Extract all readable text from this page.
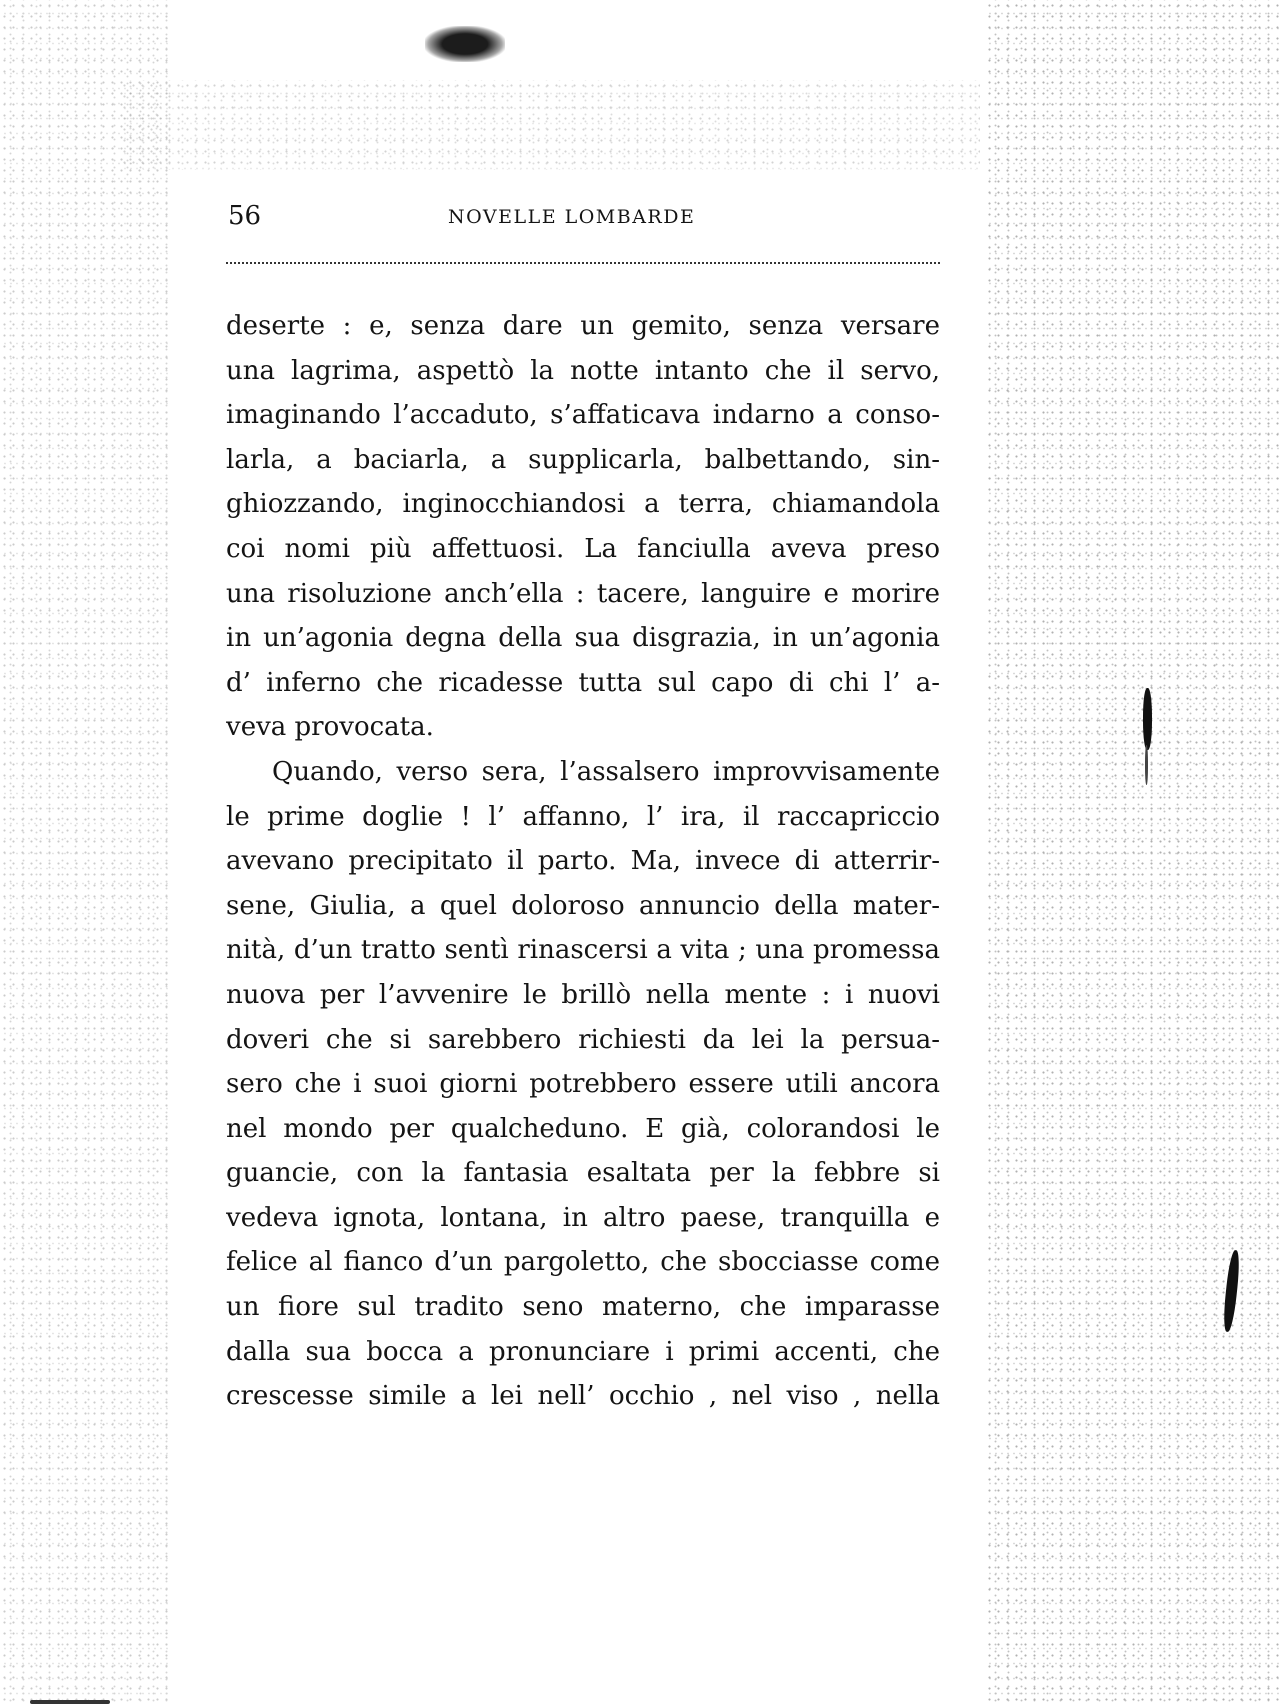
56	NOVELLE LOMBARDE
deserte : e, senza dare un gemito, senza versare
una lagrima, aspettò la notte intanto che il servo,
imaginando l’accaduto, s’affaticava indarno a conso-
larla, a baciarla, a supplicarla, balbettando, sin-
ghiozzando, inginocchiandosi a terra, chiamandola
coi nomi più affettuosi. La fanciulla aveva preso
una risoluzione anch’ella : tacere, languire e morire
in un’agonia degna della sua disgrazia, in un’agonia
d’ inferno che ricadesse tutta sul capo di chi l’ a-
veva provocata.
Quando, verso sera, l’assalsero improvvisamente
le prime doglie ! l’ affanno, l’ ira, il raccapriccio
avevano precipitato il parto. Ma, invece di atterrir-
sene, Giulia, a quel doloroso annuncio della mater-
nità, d’un tratto sentì rinascersi a vita ; una promessa
nuova per l’avvenire le brillò nella mente : i nuovi
doveri che si sarebbero richiesti da lei la persua-
sero che i suoi giorni potrebbero essere utili ancora
nel mondo per qualcheduno. E già, colorandosi le
guancie, con la fantasia esaltata per la febbre si
vedeva ignota, lontana, in altro paese, tranquilla e
felice al fianco d’un pargoletto, che sbocciasse come
un fiore sul tradito seno materno, che imparasse
dalla sua bocca a pronunciare i primi accenti, che
crescesse simile a lei nell’ occhio , nel viso , nella
